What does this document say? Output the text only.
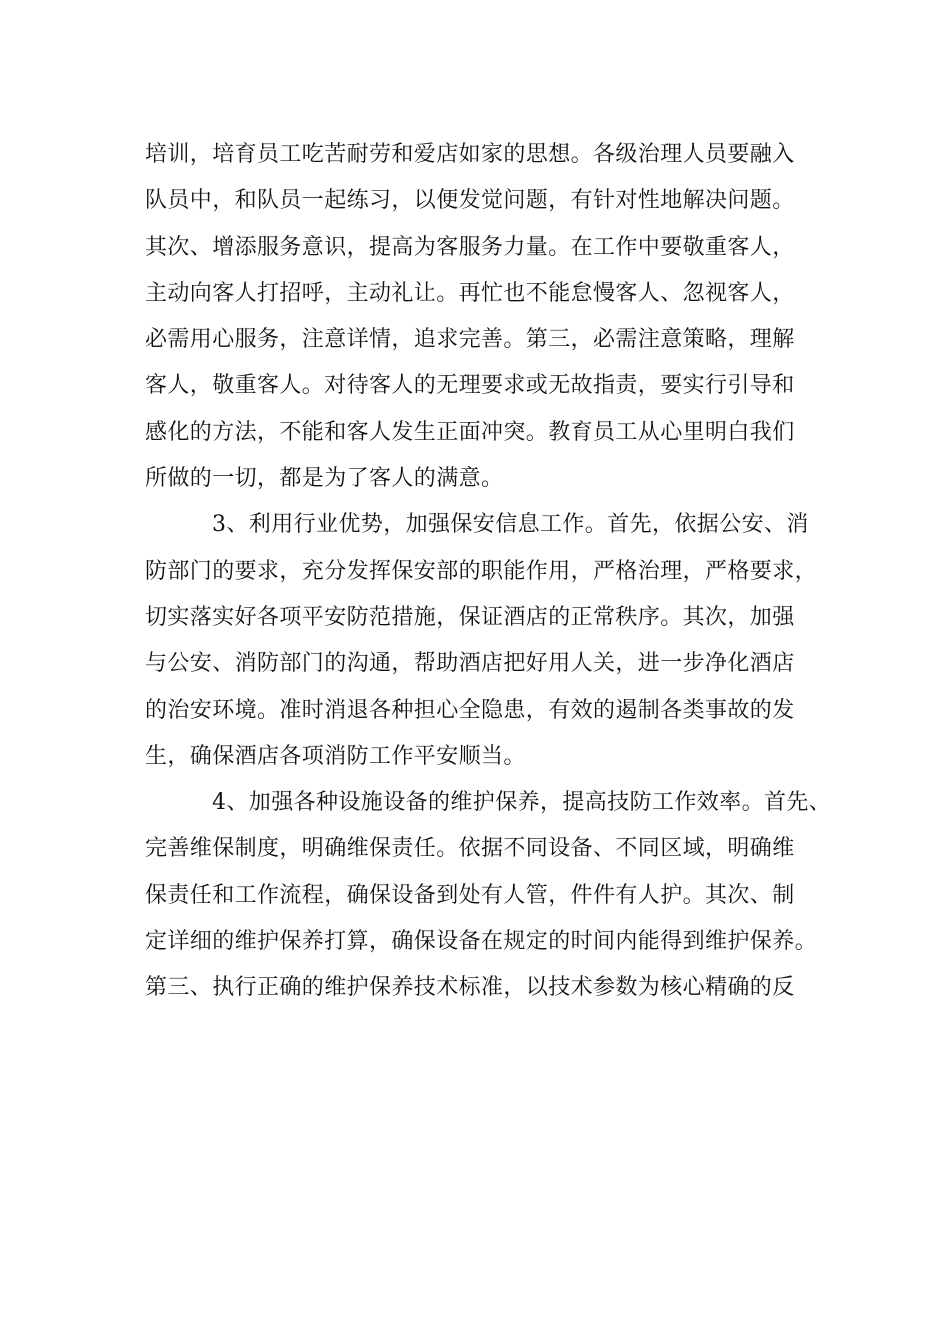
培训，培育员工吃苦耐劳和爱店如家的思想。各级治理人员要融入
队员中，和队员一起练习，以便发觉问题，有针对性地解决问题。
其次、增添服务意识，提高为客服务力量。在工作中要敬重客人，
主动向客人打招呼，主动礼让。再忙也不能怠慢客人、忽视客人，
必需用心服务，注意详情，追求完善。第三，必需注意策略，理解
客人，敬重客人。对待客人的无理要求或无故指责，要实行引导和
感化的方法，不能和客人发生正面冲突。教育员工从心里明白我们
所做的一切，都是为了客人的满意。
3、利用行业优势，加强保安信息工作。首先，依据公安、消
防部门的要求，充分发挥保安部的职能作用，严格治理，严格要求，
切实落实好各项平安防范措施，保证酒店的正常秩序。其次，加强
与公安、消防部门的沟通，帮助酒店把好用人关，进一步净化酒店
的治安环境。准时消退各种担心全隐患，有效的遏制各类事故的发
生，确保酒店各项消防工作平安顺当。
4、加强各种设施设备的维护保养，提高技防工作效率。首先、
完善维保制度，明确维保责任。依据不同设备、不同区域，明确维
保责任和工作流程，确保设备到处有人管，件件有人护。其次、制
定详细的维护保养打算，确保设备在规定的时间内能得到维护保养。
第三、执行正确的维护保养技术标准，以技术参数为核心精确的反
